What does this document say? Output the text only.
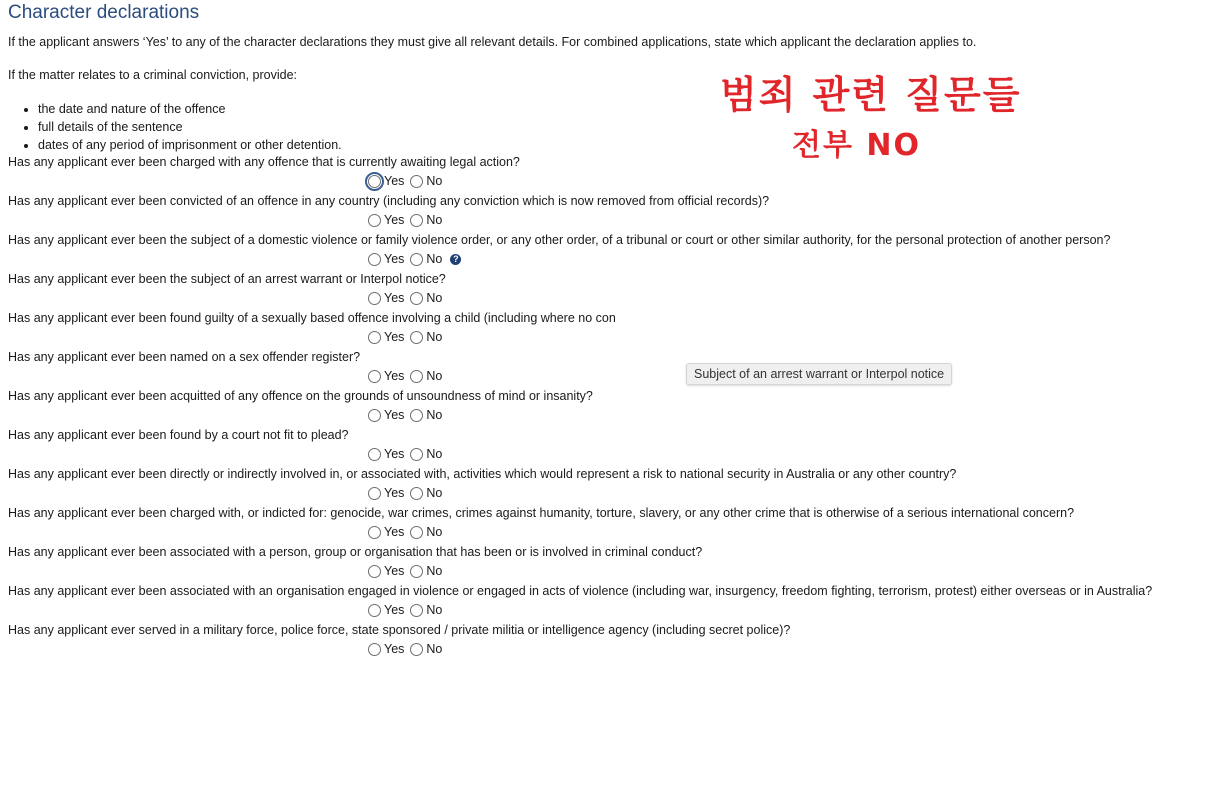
Character declarations

If the applicant answers ‘Yes’ to any of the character declarations they must give all relevant details. For combined applications, state which applicant the declaration applies to.

If the matter relates to a criminal conviction, provide:

• the date and nature of the offence
• full details of the sentence
• dates of any period of imprisonment or other detention.
Has any applicant ever been charged with any offence that is currently awaiting legal action?
Yes No
Has any applicant ever been convicted of an offence in any country (including any conviction which is now removed from official records)?
Yes No
Has any applicant ever been the subject of a domestic violence or family violence order, or any other order, of a tribunal or court or other similar authority, for the personal protection of another person?
Yes No	?
Has any applicant ever been the subject of an arrest warrant or Interpol notice?
Yes No
Has any applicant ever been found guilty of a sexually based offence involving a child (including where no con
Yes No
Has any applicant ever been named on a sex offender register?
Yes No
Has any applicant ever been acquitted of any offence on the grounds of unsoundness of mind or insanity?
Yes No
Has any applicant ever been found by a court not fit to plead?
Yes No
Has any applicant ever been directly or indirectly involved in, or associated with, activities which would represent a risk to national security in Australia or any other country?
Yes No
Has any applicant ever been charged with, or indicted for: genocide, war crimes, crimes against humanity, torture, slavery, or any other crime that is otherwise of a serious international concern?
Yes No
Has any applicant ever been associated with a person, group or organisation that has been or is involved in criminal conduct?
Yes No
Has any applicant ever been associated with an organisation engaged in violence or engaged in acts of violence (including war, insurgency, freedom fighting, terrorism, protest) either overseas or in Australia?
Yes No
Has any applicant ever served in a military force, police force, state sponsored / private militia or intelligence agency (including secret police)?
Yes No
Subject of an arrest warrant or Interpol notice
범죄 관련 질문들
전부 NO
